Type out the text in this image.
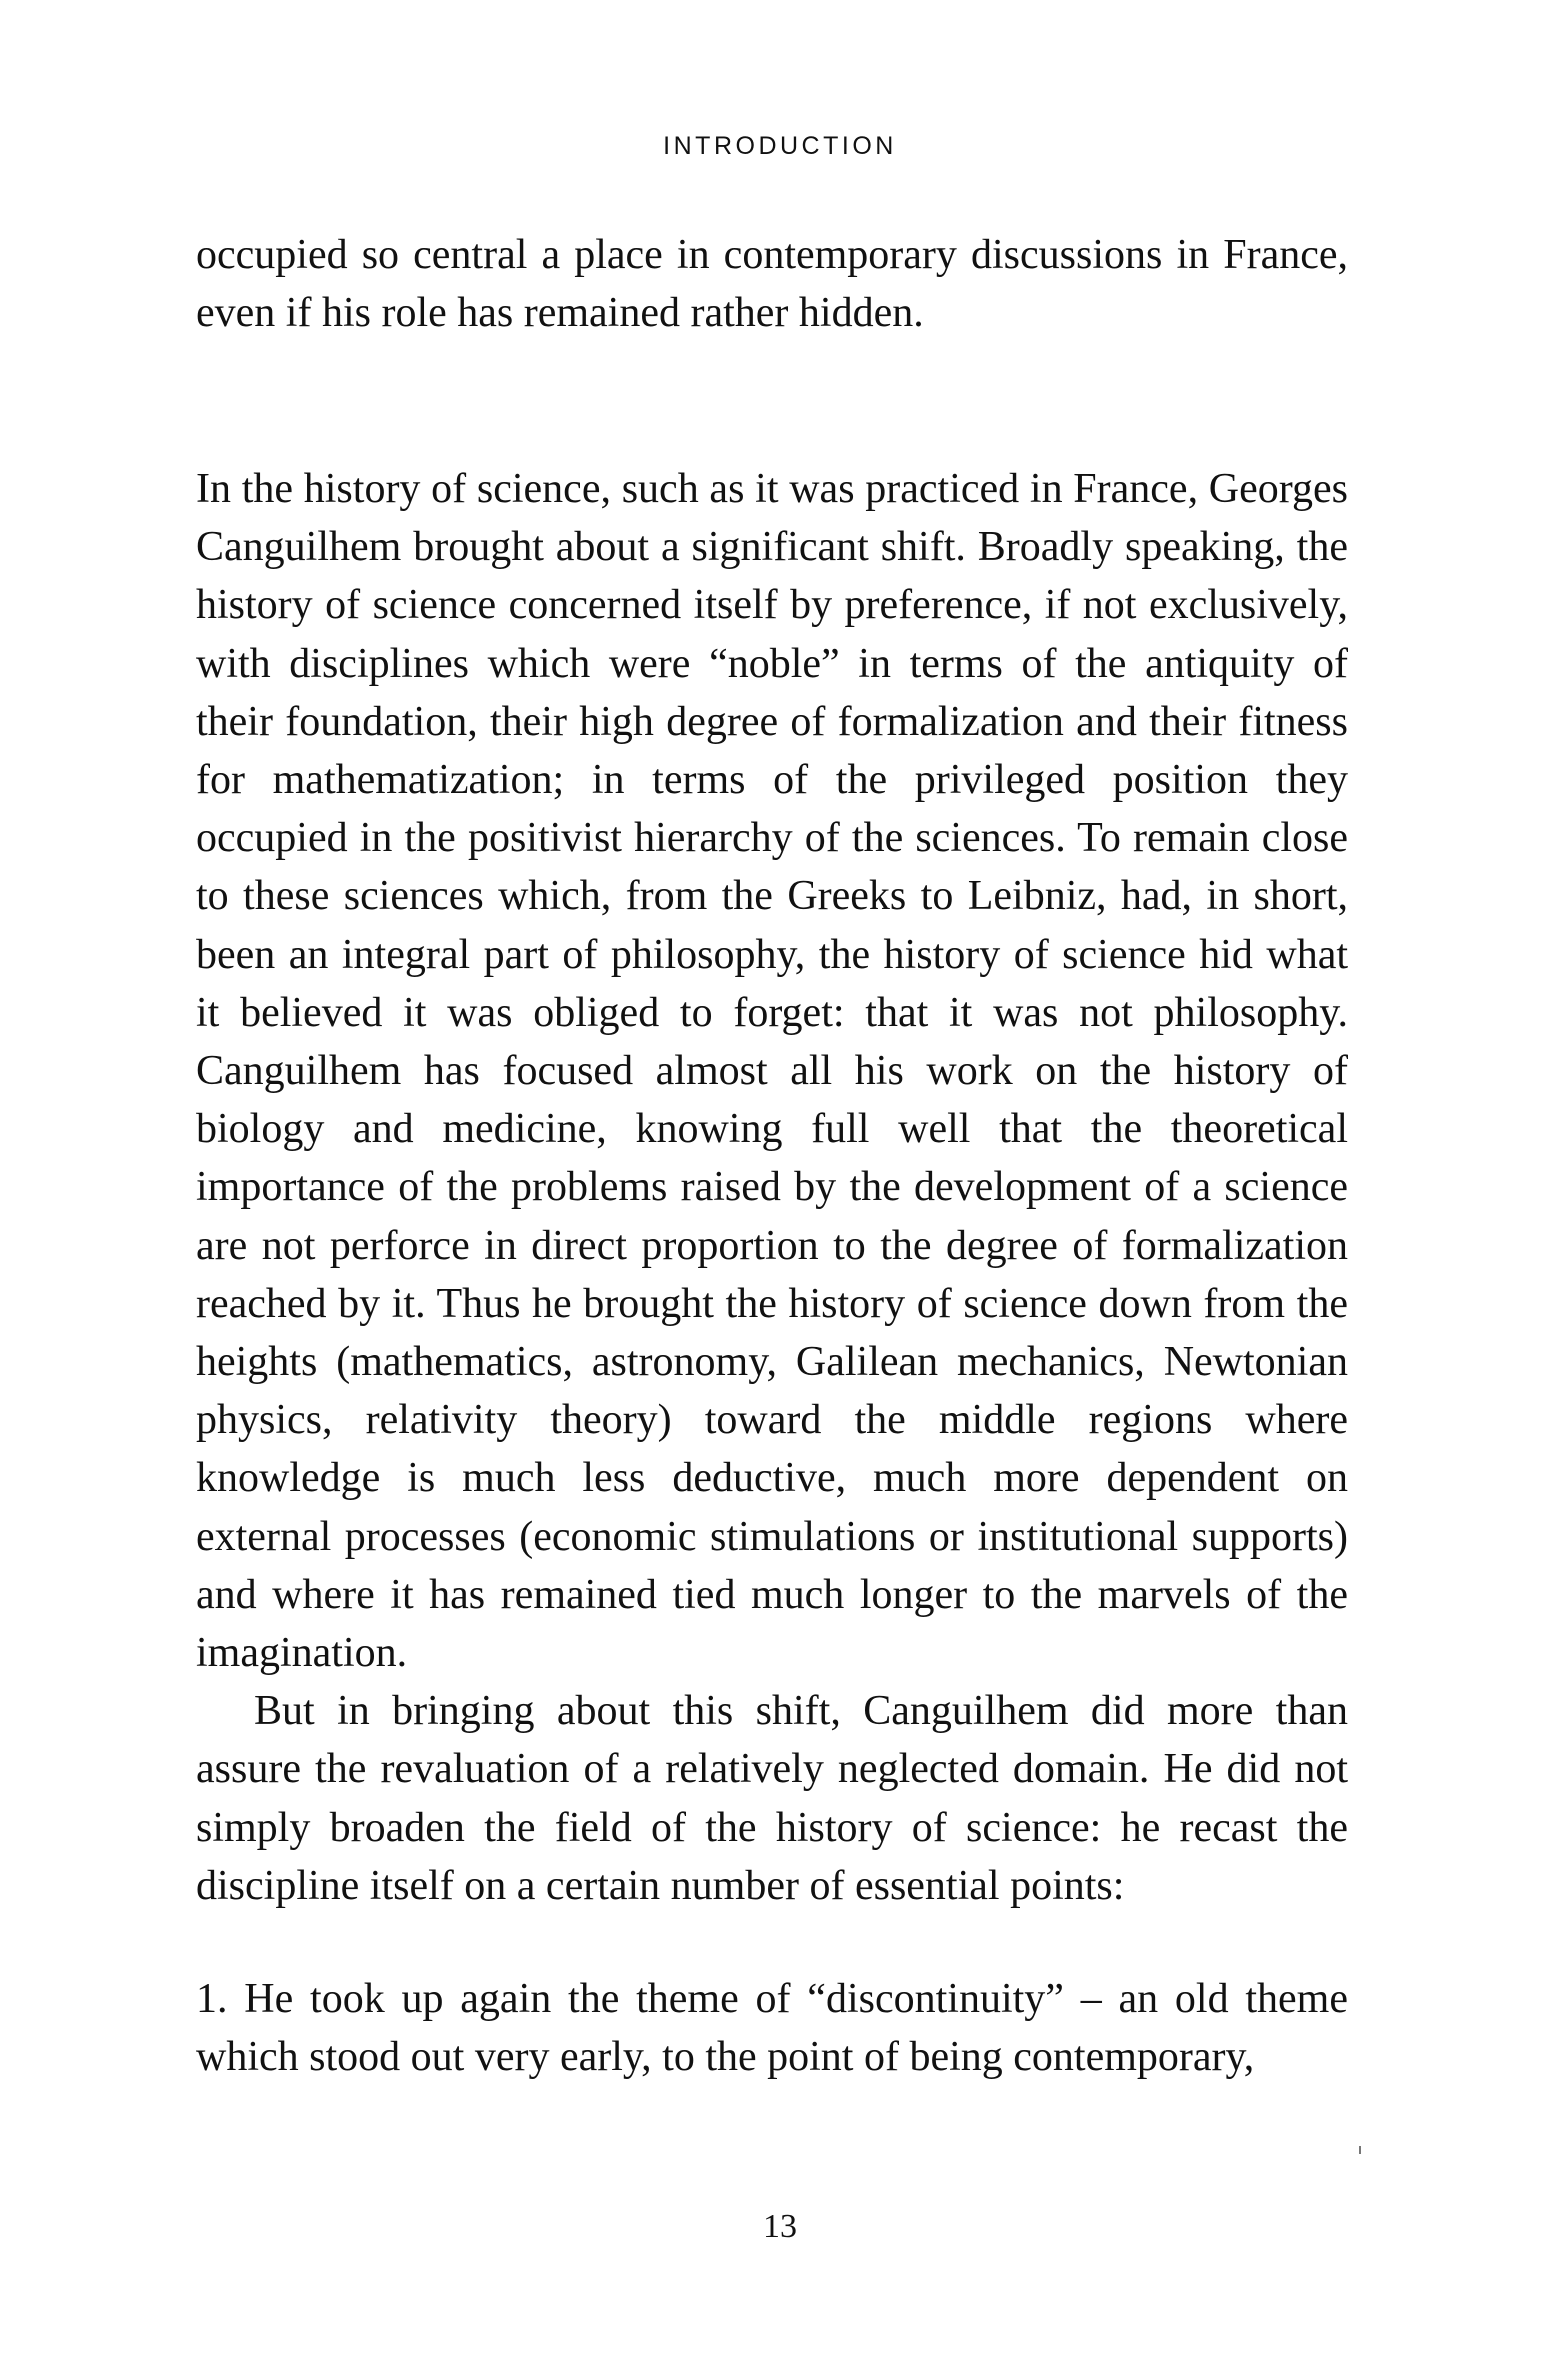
INTRODUCTION

occupied so central a place in contemporary discussions in France, even if his role has remained rather hidden.

In the history of science, such as it was practiced in France, Georges Canguilhem brought about a significant shift. Broadly speaking, the history of science concerned itself by preference, if not exclusively, with disciplines which were “noble” in terms of the antiquity of their foundation, their high degree of formalization and their fitness for mathematization; in terms of the privileged position they occupied in the positivist hierarchy of the sciences. To remain close to these sciences which, from the Greeks to Leibniz, had, in short, been an integral part of philosophy, the history of science hid what it believed it was obliged to forget: that it was not philosophy. Canguilhem has focused almost all his work on the history of biology and medicine, knowing full well that the theoretical importance of the problems raised by the development of a science are not perforce in direct proportion to the degree of formalization reached by it. Thus he brought the history of science down from the heights (mathematics, astronomy, Galilean mechanics, Newtonian physics, relativity theory) toward the middle regions where knowledge is much less deductive, much more dependent on external processes (economic stimulations or institutional supports) and where it has remained tied much longer to the marvels of the imagination.

But in bringing about this shift, Canguilhem did more than assure the revaluation of a relatively neglected domain. He did not simply broaden the field of the history of science: he recast the discipline itself on a certain number of essential points:

1. He took up again the theme of “discontinuity” – an old theme which stood out very early, to the point of being contemporary,

13
